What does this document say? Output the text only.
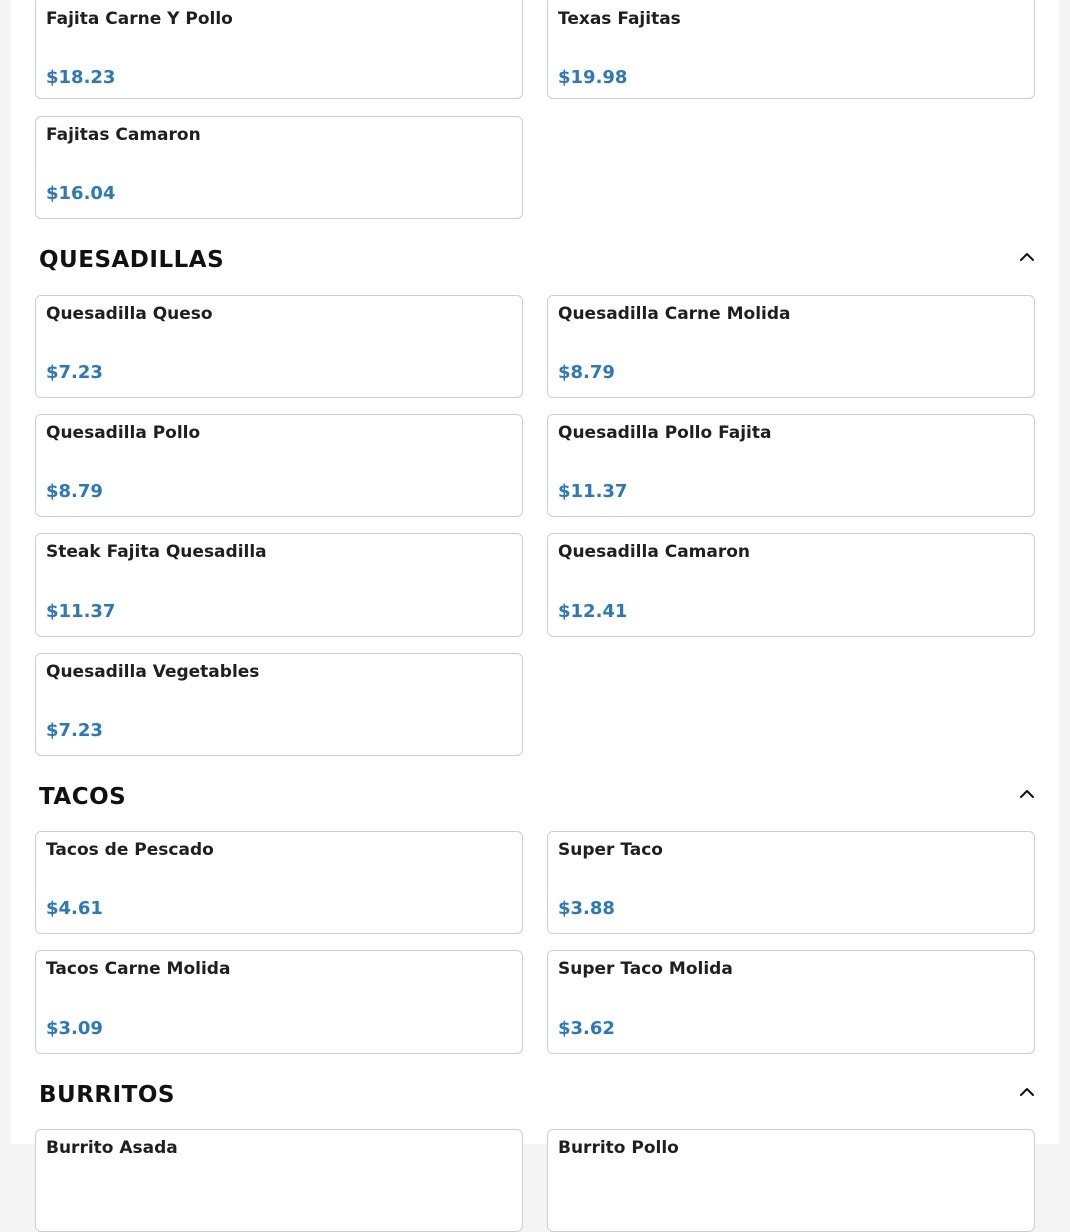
Fajita Carne Y Pollo
$18.23
Texas Fajitas
$19.98
Fajitas Camaron
$16.04
QUESADILLAS
Quesadilla Queso
$7.23
Quesadilla Carne Molida
$8.79
Quesadilla Pollo
$8.79
Quesadilla Pollo Fajita
$11.37
Steak Fajita Quesadilla
$11.37
Quesadilla Camaron
$12.41
Quesadilla Vegetables
$7.23
TACOS
Tacos de Pescado
$4.61
Super Taco
$3.88
Tacos Carne Molida
$3.09
Super Taco Molida
$3.62
BURRITOS
Burrito Asada	Burrito Pollo
